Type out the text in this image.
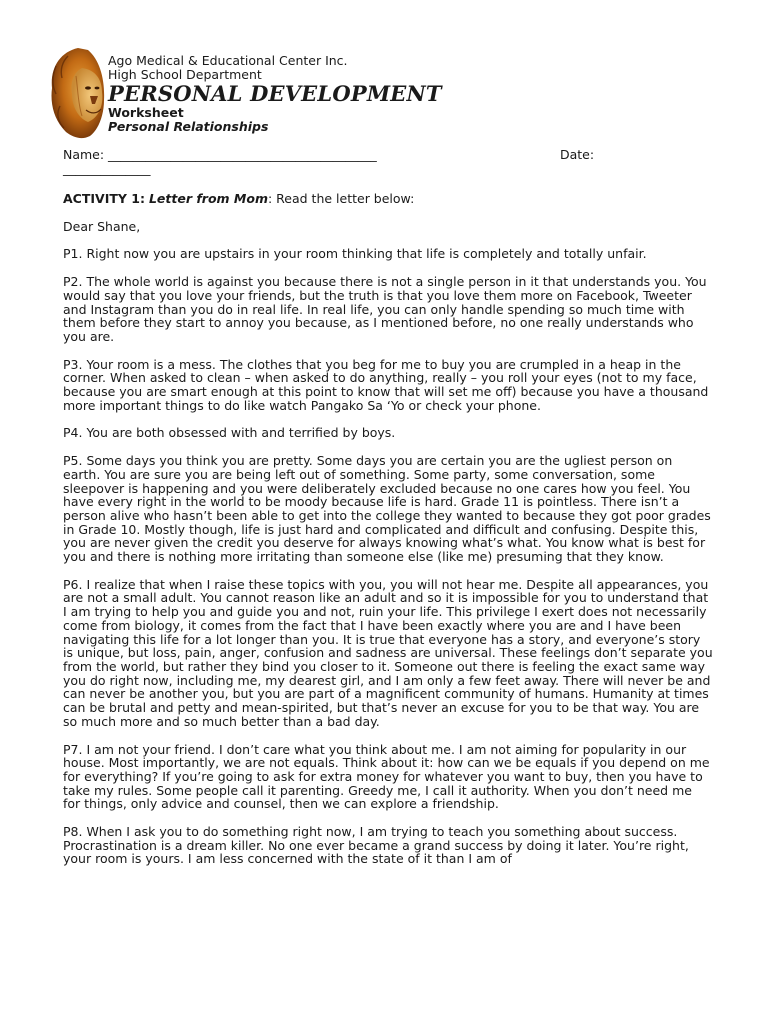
Ago Medical & Educational Center Inc.

High School Department

PERSONAL DEVELOPMENT

Worksheet

Personal Relationships

Name: ___________________________________________	Date:
______________

ACTIVITY 1: Letter from Mom: Read the letter below:

Dear Shane,

P1. Right now you are upstairs in your room thinking that life is completely and totally unfair.

P2. The whole world is against you because there is not a single person in it that understands you. You would say that you love your friends, but the truth is that you love them more on Facebook, Tweeter and Instagram than you do in real life. In real life, you can only handle spending so much time with them before they start to annoy you because, as I mentioned before, no one really understands who you are.

P3. Your room is a mess. The clothes that you beg for me to buy you are crumpled in a heap in the corner. When asked to clean – when asked to do anything, really – you roll your eyes (not to my face, because you are smart enough at this point to know that will set me off) because you have a thousand more important things to do like watch Pangako Sa ‘Yo or check your phone.

P4. You are both obsessed with and terrified by boys.

P5. Some days you think you are pretty. Some days you are certain you are the ugliest person on earth. You are sure you are being left out of something. Some party, some conversation, some sleepover is happening and you were deliberately excluded because no one cares how you feel. You have every right in the world to be moody because life is hard. Grade 11 is pointless. There isn’t a person alive who hasn’t been able to get into the college they wanted to because they got poor grades in Grade 10. Mostly though, life is just hard and complicated and difficult and confusing. Despite this, you are never given the credit you deserve for always knowing what’s what. You know what is best for you and there is nothing more irritating than someone else (like me) presuming that they know.

P6. I realize that when I raise these topics with you, you will not hear me. Despite all appearances, you are not a small adult. You cannot reason like an adult and so it is impossible for you to understand that I am trying to help you and guide you and not, ruin your life. This privilege I exert does not necessarily come from biology, it comes from the fact that I have been exactly where you are and I have been navigating this life for a lot longer than you. It is true that everyone has a story, and everyone’s story is unique, but loss, pain, anger, confusion and sadness are universal. These feelings don’t separate you from the world, but rather they bind you closer to it. Someone out there is feeling the exact same way you do right now, including me, my dearest girl, and I am only a few feet away. There will never be and can never be another you, but you are part of a magnificent community of humans. Humanity at times can be brutal and petty and mean-spirited, but that’s never an excuse for you to be that way. You are so much more and so much better than a bad day.

P7. I am not your friend. I don’t care what you think about me. I am not aiming for popularity in our house. Most importantly, we are not equals. Think about it: how can we be equals if you depend on me for everything? If you’re going to ask for extra money for whatever you want to buy, then you have to take my rules. Some people call it parenting. Greedy me, I call it authority. When you don’t need me for things, only advice and counsel, then we can explore a friendship.

P8. When I ask you to do something right now, I am trying to teach you something about success. Procrastination is a dream killer. No one ever became a grand success by doing it later. You’re right, your room is yours. I am less concerned with the state of it than I am of
